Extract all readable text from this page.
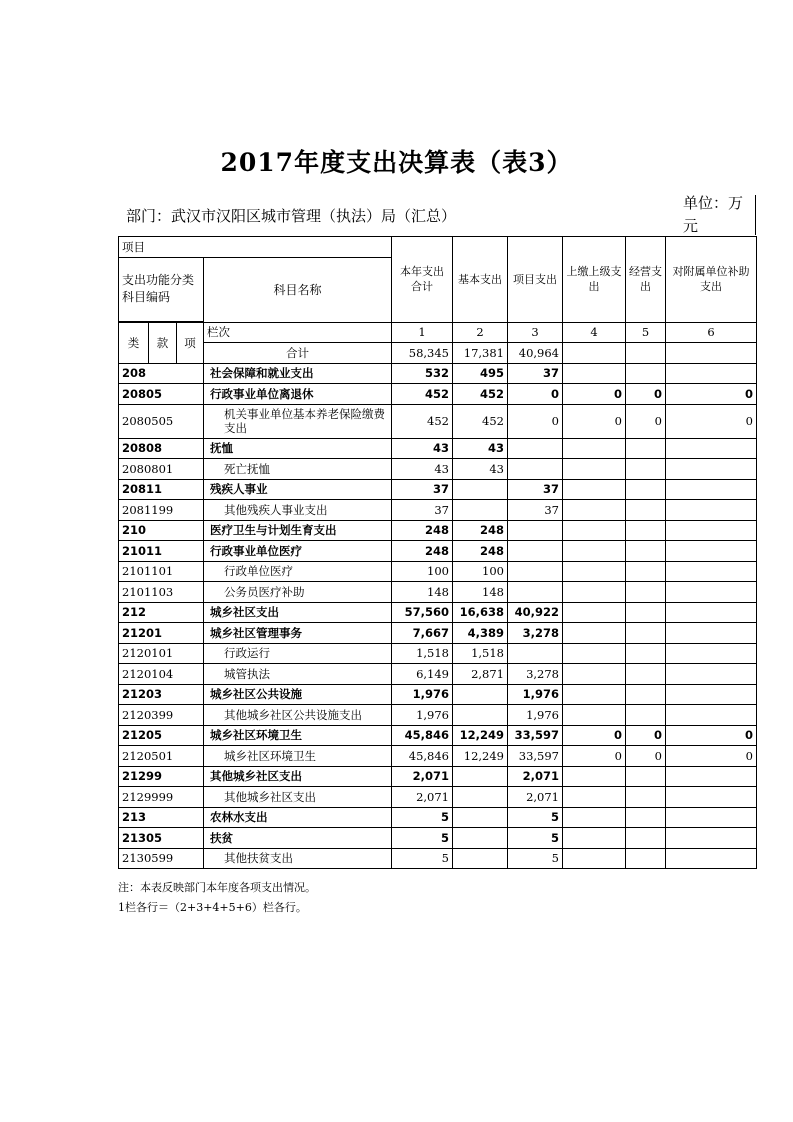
2017年度支出决算表（表3）
部门：武汉市汉阳区城市管理（执法）局（汇总）
单位：万元
项目				本年支出合计	基本支出	项目支出	上缴上级支出	经营支出	对附属单位补助支出
支出功能分类科目编码			科目名称						

类	款	项	栏次	1	2	3	4	5	6
			合计	58,345	17,381	40,964			
208			社会保障和就业支出	532	495	37			
20805			行政事业单位离退休	452	452	0	0	0	0
2080505			机关事业单位基本养老保险缴费支出	452	452	0	0	0	0
20808			抚恤	43	43				
2080801			死亡抚恤	43	43				
20811			残疾人事业	37		37			
2081199			其他残疾人事业支出	37		37			
210			医疗卫生与计划生育支出	248	248				
21011			行政事业单位医疗	248	248				
2101101			行政单位医疗	100	100				
2101103			公务员医疗补助	148	148				
212			城乡社区支出	57,560	16,638	40,922			
21201			城乡社区管理事务	7,667	4,389	3,278			
2120101			行政运行	1,518	1,518				
2120104			城管执法	6,149	2,871	3,278			
21203			城乡社区公共设施	1,976		1,976			
2120399			其他城乡社区公共设施支出	1,976		1,976			
21205			城乡社区环境卫生	45,846	12,249	33,597	0	0	0
2120501			城乡社区环境卫生	45,846	12,249	33,597	0	0	0
21299			其他城乡社区支出	2,071		2,071			
2129999			其他城乡社区支出	2,071		2,071			
213			农林水支出	5		5			
21305			扶贫	5		5			
2130599			其他扶贫支出	5		5			
注：本表反映部门本年度各项支出情况。
1栏各行＝（2+3+4+5+6）栏各行。
